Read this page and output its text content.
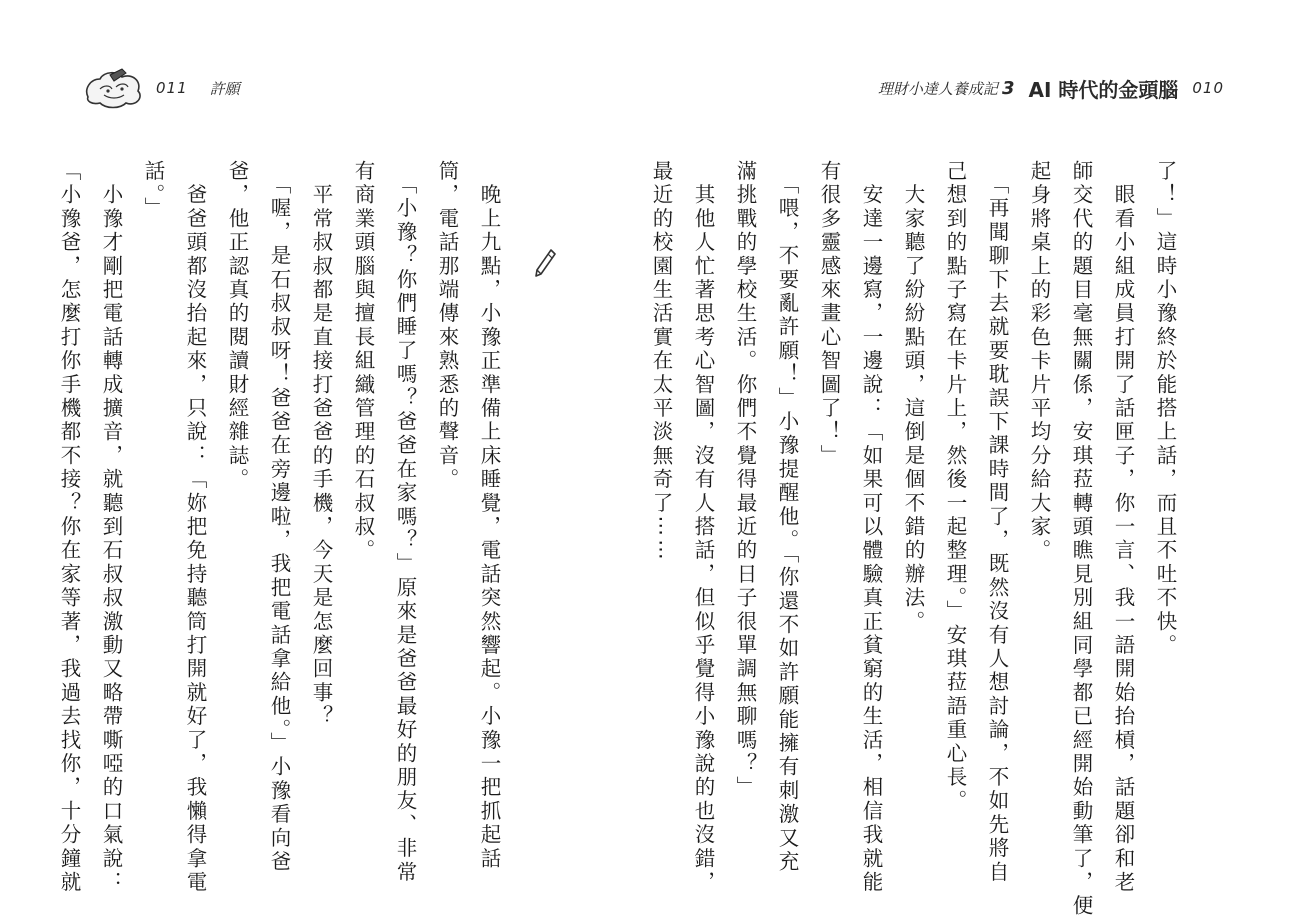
011 許願	理財小達人養成記 3 AI 時代的金頭腦 010
了！」這時小豫終於能搭上話，而且不吐不快。
　眼看小組成員打開了話匣子，你一言、我一語開始抬槓，話題卻和老
師交代的題目毫無關係，安琪菈轉頭瞧見別組同學都已經開始動筆了，便
起身將桌上的彩色卡片平均分給大家。
　「再聞聊下去就要耽誤下課時間了，既然沒有人想討論，不如先將自
己想到的點子寫在卡片上，然後一起整理。」安琪菈語重心長。
　大家聽了紛紛點頭，這倒是個不錯的辦法。
　安達一邊寫，一邊說：「如果可以體驗真正貧窮的生活，相信我就能
有很多靈感來畫心智圖了！」
　「喂，不要亂許願！」小豫提醒他。「你還不如許願能擁有刺激又充
滿挑戰的學校生活。你們不覺得最近的日子很單調無聊嗎？」
　其他人忙著思考心智圖，沒有人搭話，但似乎覺得小豫說的也沒錯，
最近的校園生活實在太平淡無奇了⋯⋯
　晚上九點，小豫正準備上床睡覺，電話突然響起。小豫一把抓起話
筒，電話那端傳來熟悉的聲音。
　「小豫？你們睡了嗎？爸爸在家嗎？」原來是爸爸最好的朋友、非常
有商業頭腦與擅長組織管理的石叔叔。
　平常叔叔都是直接打爸爸的手機，今天是怎麼回事？
　「喔，是石叔叔呀！爸爸在旁邊啦，我把電話拿給他。」小豫看向爸
爸，他正認真的閱讀財經雜誌。
　爸爸頭都沒抬起來，只說：「妳把免持聽筒打開就好了，我懶得拿電
話。」
　小豫才剛把電話轉成擴音，就聽到石叔叔激動又略帶嘶啞的口氣說：
「小豫爸，怎麼打你手機都不接？你在家等著，我過去找你，十分鐘就
